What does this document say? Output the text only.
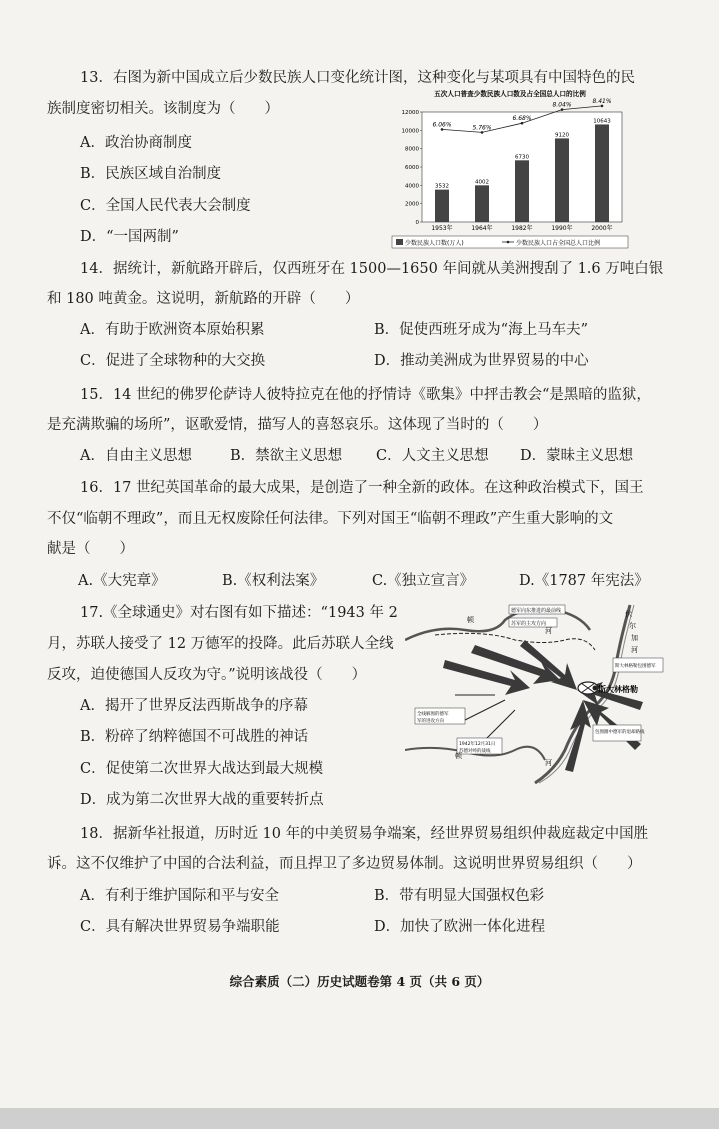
13．右图为新中国成立后少数民族人口变化统计图，这种变化与某项具有中国特色的民
族制度密切相关。该制度为（　　）
A．政治协商制度
B．民族区域自治制度
C．全国人民代表大会制度
D．“一国两制”
五次人口普查少数民族人口数及占全国总人口的比例
12000
10000
8000
6000
4000
2000
0
3532
1953年
4002
1964年
6730
1982年
9120
1990年
10643
2000年
6.06%	5.76%
6.68%
8.04%
8.41%
少数民族人口数(万人)	少数民族人口占全国总人口比例
14．据统计，新航路开辟后，仅西班牙在 1500—1650 年间就从美洲搜刮了 1.6 万吨白银
和 180 吨黄金。这说明，新航路的开辟（　　）
A．有助于欧洲资本原始积累	B．促使西班牙成为“海上马车夫”
C．促进了全球物种的大交换	D．推动美洲成为世界贸易的中心
15．14 世纪的佛罗伦萨诗人彼特拉克在他的抒情诗《歌集》中抨击教会“是黑暗的监狱，
是充满欺骗的场所”，讴歌爱情，描写人的喜怒哀乐。这体现了当时的（　　）
A．自由主义思想	B．禁欲主义思想 C．人文主义思想 D．蒙昧主义思想
16．17 世纪英国革命的最大成果，是创造了一种全新的政体。在这种政治模式下，国王
不仅“临朝不理政”，而且无权废除任何法律。下列对国王“临朝不理政”产生重大影响的文
献是（　　）
A.《大宪章》	B.《权利法案》	C.《独立宣言》	D.《1787 年宪法》
17.《全球通史》对右图有如下描述：“1943 年 2
月，苏联人接受了 12 万德军的投降。此后苏联人全线
反攻，迫使德国人反攻为守。”说明该战役（　　）
A．揭开了世界反法西斯战争的序幕
B．粉碎了纳粹德国不可战胜的神话
C．促使第二次世界大战达到最大规模
D．成为第二次世界大战的重要转折点
德军向东推进的最前线
苏军的主攻方向
伏
尔
加
河
斯大林格勒包围德军
斯大林格勒
全线解围的德军
军的进攻方向
1942年12月31日
苏德对峙的战线
包围圈中德军的退却路线
顿
河
顿
河
18．据新华社报道，历时近 10 年的中美贸易争端案，经世界贸易组织仲裁庭裁定中国胜
诉。这不仅维护了中国的合法利益，而且捍卫了多边贸易体制。这说明世界贸易组织（　　）
A．有利于维护国际和平与安全	B．带有明显大国强权色彩
C．具有解决世界贸易争端职能	D．加快了欧洲一体化进程
综合素质（二）历史试题卷第 4 页（共 6 页）
